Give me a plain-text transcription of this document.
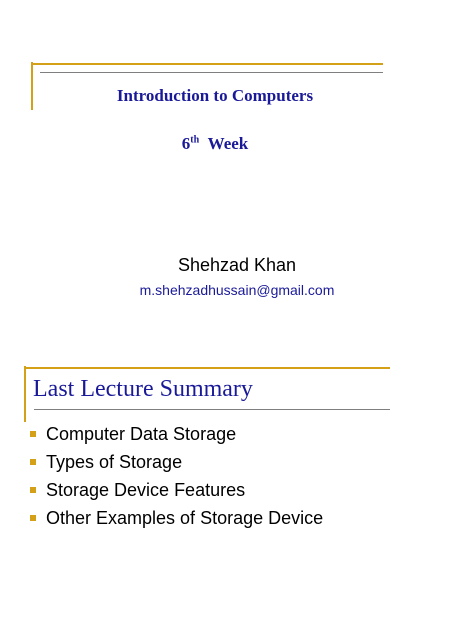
Introduction to Computers
6th Week
Shehzad Khan
m.shehzadhussain@gmail.com
Last Lecture Summary
Computer Data Storage
Types of Storage
Storage Device Features
Other Examples of Storage Device
